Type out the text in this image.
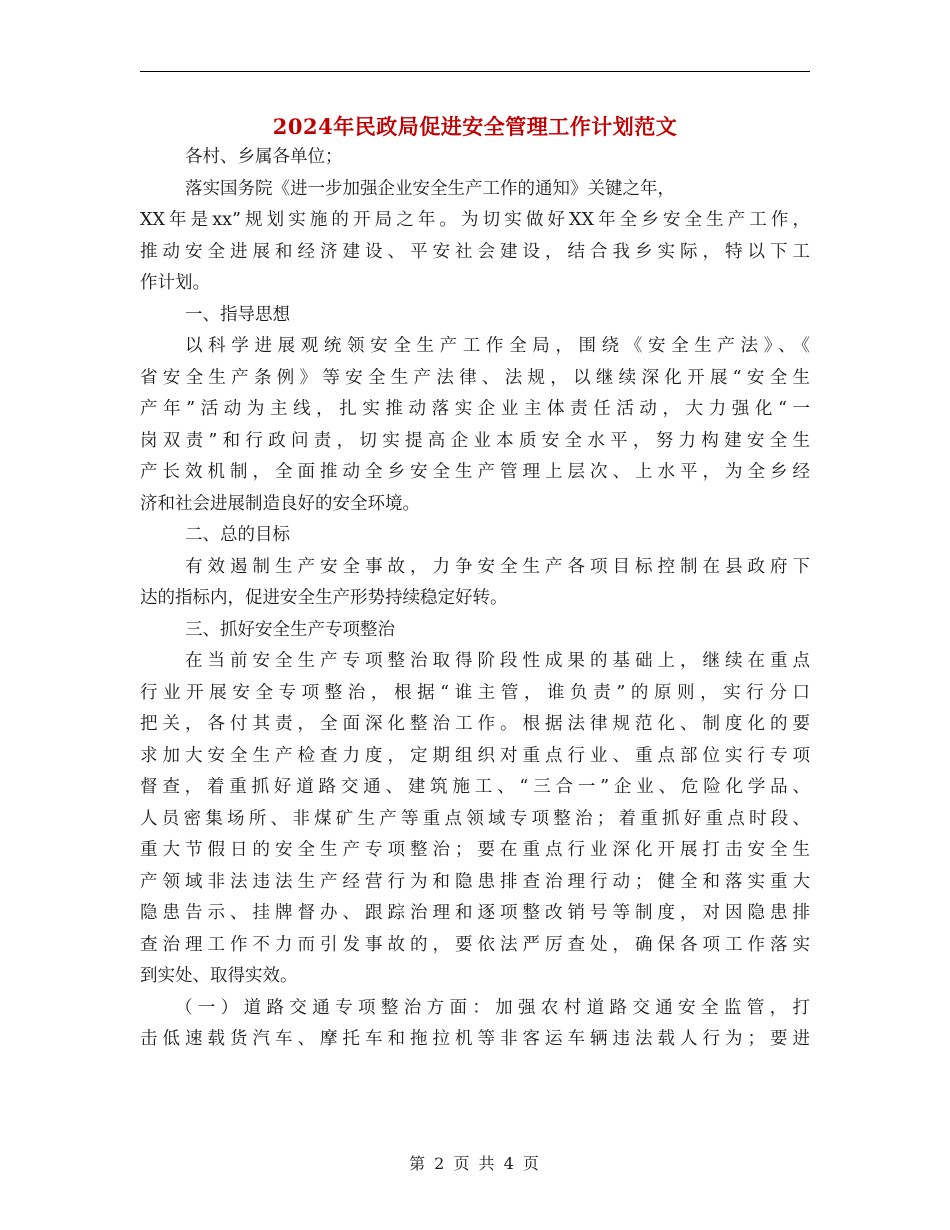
2024年民政局促进安全管理工作计划范文
各村、乡属各单位；
落实国务院《进一步加强企业安全生产工作的通知》关键之年，
XX年是xx”规划实施的开局之年。为切实做好XX年全乡安全生产工作，
推动安全进展和经济建设、平安社会建设，结合我乡实际，特以下工
作计划。
一、指导思想
以科学进展观统领安全生产工作全局，围绕《安全生产法》、《
省安全生产条例》等安全生产法律、法规，以继续深化开展“安全生
产年”活动为主线，扎实推动落实企业主体责任活动，大力强化“一
岗双责”和行政问责，切实提高企业本质安全水平，努力构建安全生
产长效机制，全面推动全乡安全生产管理上层次、上水平，为全乡经
济和社会进展制造良好的安全环境。
二、总的目标
有效遏制生产安全事故，力争安全生产各项目标控制在县政府下
达的指标内，促进安全生产形势持续稳定好转。
三、抓好安全生产专项整治
在当前安全生产专项整治取得阶段性成果的基础上，继续在重点
行业开展安全专项整治，根据“谁主管，谁负责”的原则，实行分口
把关，各付其责，全面深化整治工作。根据法律规范化、制度化的要
求加大安全生产检查力度，定期组织对重点行业、重点部位实行专项
督查，着重抓好道路交通、建筑施工、“三合一”企业、危险化学品、
人员密集场所、非煤矿生产等重点领域专项整治；着重抓好重点时段、
重大节假日的安全生产专项整治；要在重点行业深化开展打击安全生
产领域非法违法生产经营行为和隐患排查治理行动；健全和落实重大
隐患告示、挂牌督办、跟踪治理和逐项整改销号等制度，对因隐患排
查治理工作不力而引发事故的，要依法严厉查处，确保各项工作落实
到实处、取得实效。
（一）道路交通专项整治方面：加强农村道路交通安全监管，打
击低速载货汽车、摩托车和拖拉机等非客运车辆违法载人行为；要进
第 2 页 共 4 页
